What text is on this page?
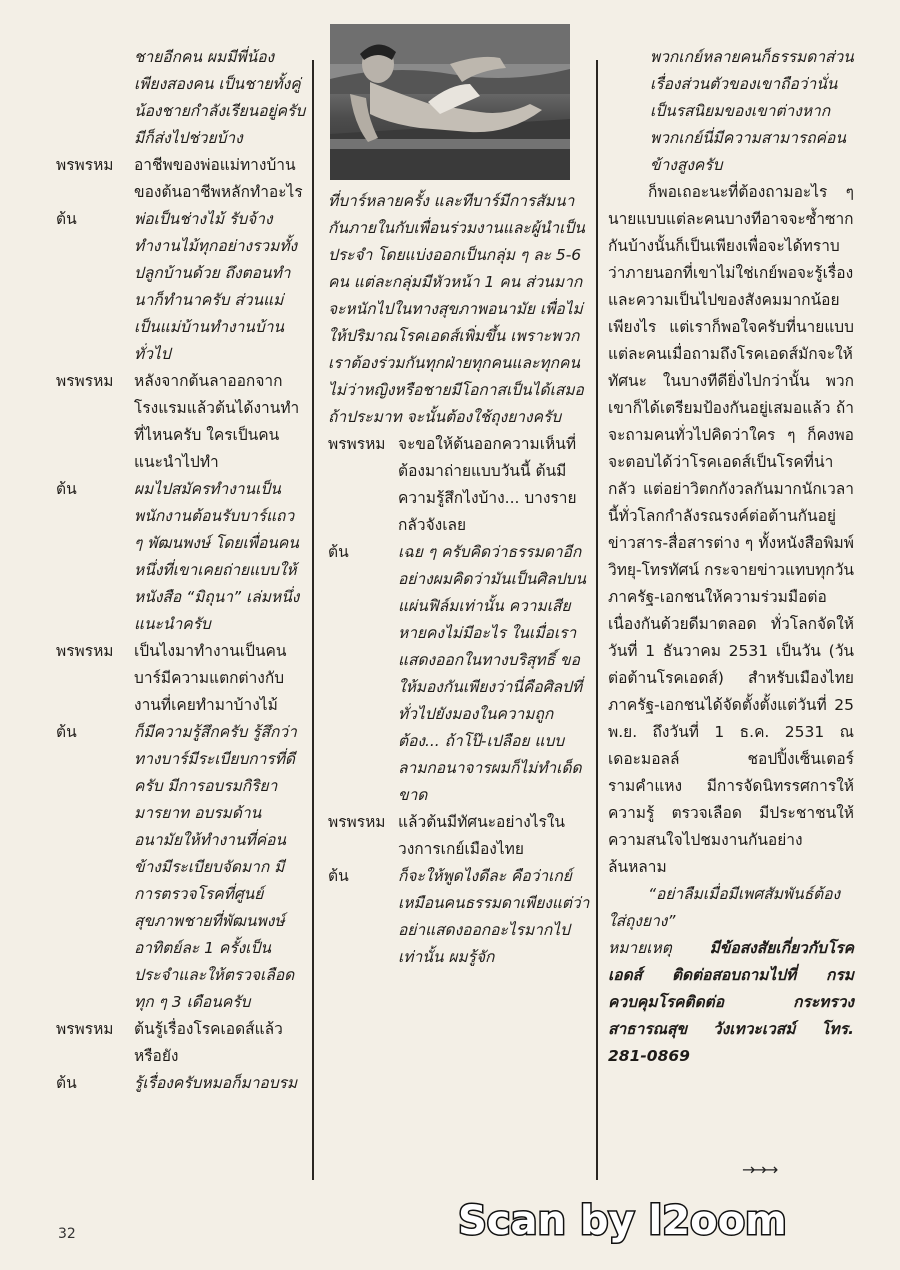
ชายอีกคน ผมมีพี่น้องเพียงสองคน เป็นชายทั้งคู่ น้องชายกำลังเรียนอยู่ครับ มีก็ส่งไปช่วยบ้าง
พรพรหม	อาชีพของพ่อแม่ทางบ้านของต้นอาชีพหลักทำอะไร
ต้น	พ่อเป็นช่างไม้ รับจ้างทำงานไม้ทุกอย่างรวมทั้งปลูกบ้านด้วย ถึงตอนทำนาก็ทำนาครับ ส่วนแม่เป็นแม่บ้านทำงานบ้านทั่วไป
พรพรหม	หลังจากต้นลาออกจากโรงแรมแล้วต้นได้งานทำที่ไหนครับ ใครเป็นคนแนะนำไปทำ
ต้น	ผมไปสมัครทำงานเป็นพนักงานต้อนรับบาร์แถว ๆ พัฒนพงษ์ โดยเพื่อนคนหนึ่งที่เขาเคยถ่ายแบบให้หนังสือ “มิถุนา” เล่มหนึ่งแนะนำครับ
พรพรหม	เป็นไงมาทำงานเป็นคนบาร์มีความแตกต่างกับงานที่เคยทำมาบ้างไม้
ต้น	ก็มีความรู้สึกครับ รู้สึกว่าทางบาร์มีระเบียบการที่ดีครับ มีการอบรมกิริยามารยาท อบรมด้านอนามัยให้ทำงานที่ค่อนข้างมีระเบียบจัดมาก มีการตรวจโรคที่ศูนย์สุขภาพชายที่พัฒนพงษ์ อาทิตย์ละ 1 ครั้งเป็นประจำและให้ตรวจเลือดทุก ๆ 3 เดือนครับ
พรพรหม	ต้นรู้เรื่องโรคเอดส์แล้วหรือยัง
ต้น	รู้เรื่องครับหมอก็มาอบรม
ที่บาร์หลายครั้ง และทีบาร์มีการสัมนากันภายในกับเพื่อนร่วมงานและผู้นำเป็นประจำ โดยแบ่งออกเป็นกลุ่ม ๆ ละ 5-6 คน แต่ละกลุ่มมีหัวหน้า 1 คน ส่วนมากจะหนักไปในทางสุขภาพอนามัย เพื่อไม่ให้ปริมาณโรคเอดส์เพิ่มขึ้น เพราะพวกเราต้องร่วมกันทุกฝ่ายทุกคนและทุกคน ไม่ว่าหญิงหรือชายมีโอกาสเป็นได้เสมอถ้าประมาท จะนั้นต้องใช้ถุงยางครับ
พรพรหม จะขอให้ต้นออกความเห็นที่ต้องมาถ่ายแบบวันนี้ ต้นมีความรู้สึกไงบ้าง... บางรายกลัวจังเลย
ต้น	เฉย ๆ ครับคิดว่าธรรมดาอีกอย่างผมคิดว่ามันเป็นศิลปบนแผ่นฟิล์มเท่านั้น ความเสียหายคงไม่มีอะไร ในเมื่อเราแสดงออกในทางบริสุทธิ์ ขอให้มองกันเพียงว่านี่คือศิลปที่ทั่วไปยังมองในความถูกต้อง... ถ้าโป๊-เปลือย แบบลามกอนาจารผมก็ไม่ทำเด็ดขาด
พรพรหม แล้วต้นมีทัศนะอย่างไรในวงการเกย์เมืองไทย
ต้น	ก็จะให้พูดไงดีละ คือว่าเกย์เหมือนคนธรรมดาเพียงแต่ว่าอย่าแสดงออกอะไรมากไปเท่านั้น ผมรู้จัก

พวกเกย์หลายคนก็ธรรมดาส่วนเรื่องส่วนตัวของเขาถือว่านั่นเป็นรสนิยมของเขาต่างหาก พวกเกย์นี่มีความสามารถค่อนข้างสูงครับ

ก็พอเถอะนะที่ต้องถามอะไร ๆ นายแบบแต่ละคนบางทีอาจจะซ้ำซากกันบ้างนั้นก็เป็นเพียงเพื่อจะได้ทราบว่าภายนอกที่เขาไม่ใช่เกย์พอจะรู้เรื่องและความเป็นไปของสังคมมากน้อยเพียงไร แต่เราก็พอใจครับที่นายแบบแต่ละคนเมื่อถามถึงโรคเอดส์มักจะให้ทัศนะ ในบางทีดียิ่งไปกว่านั้น พวกเขาก็ได้เตรียมป้องกันอยู่เสมอแล้ว ถ้าจะถามคนทั่วไปคิดว่าใคร ๆ ก็คงพอจะตอบได้ว่าโรคเอดส์เป็นโรคที่น่ากลัว แต่อย่าวิตกกังวลกันมากนักเวลานี้ทั่วโลกกำลังรณรงค์ต่อต้านกันอยู่ ข่าวสาร-สื่อสารต่าง ๆ ทั้งหนังสือพิมพ์วิทยุ-โทรทัศน์ กระจายข่าวแทบทุกวัน ภาครัฐ-เอกชนให้ความร่วมมือต่อเนื่องกันด้วยดีมาตลอด ทั่วโลกจัดให้วันที่ 1 ธันวาคม 2531 เป็นวัน (วันต่อต้านโรคเอดส์) สำหรับเมืองไทย ภาครัฐ-เอกชนได้จัดตั้งตั้งแต่วันที่ 25 พ.ย. ถึงวันที่ 1 ธ.ค. 2531 ณ เดอะมอลล์ ชอปปิ้งเซ็นเตอร์ รามคำแหง มีการจัดนิทรรศการให้ความรู้ ตรวจเลือด มีประชาชนให้ความสนใจไปชมงานกันอย่างล้นหลาม

“อย่าลืมเมื่อมีเพศสัมพันธ์ต้องใส่ถุงยาง”

หมายเหตุ มีข้อสงสัยเกี่ยวกับโรคเอดส์ ติดต่อสอบถามไปที่ กรมควบคุมโรคติดต่อ กระทรวงสาธารณสุข วังเทวะเวสม์ โทร. 281-0869

→→→
32	Scan by l2oom
